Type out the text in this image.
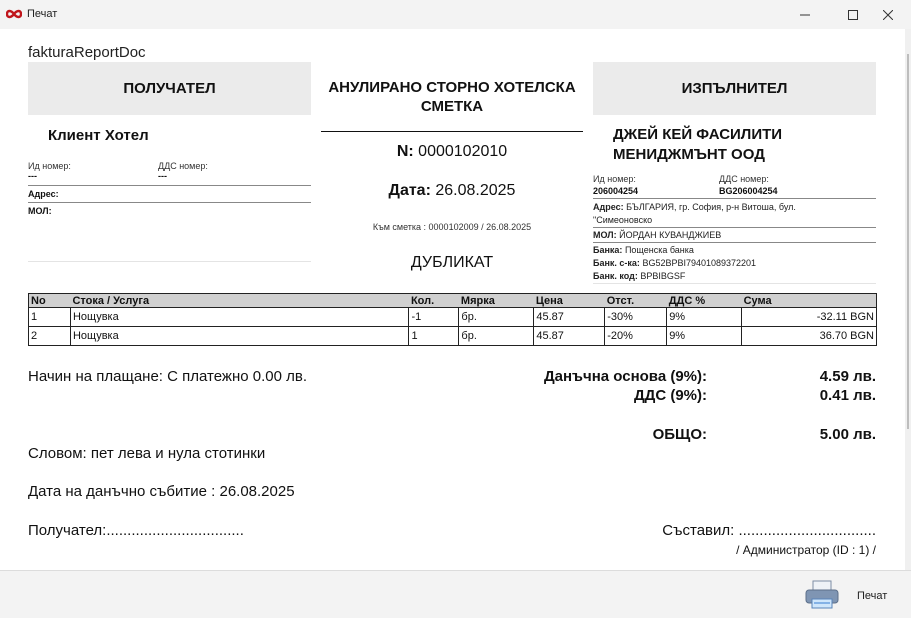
Печат
fakturaReportDoc
ПОЛУЧАТЕЛ	ИЗПЪЛНИТЕЛ
АНУЛИРАНО СТОРНО ХОТЕЛСКА СМЕТКА
N: 0000102010
Дата: 26.08.2025
Към сметка : 0000102009 / 26.08.2025
ДУБЛИКАТ
Клиент Хотел
Ид номер:
---
ДДС номер:
---
Адрес:
МОЛ:
ДЖЕЙ КЕЙ ФАСИЛИТИ МЕНИДЖМЪНТ ООД
Ид номер:
206004254
ДДС номер:
BG206004254
Адрес: БЪЛГАРИЯ, гр. София, р-н Витоша, бул.
"Симеоновско
МОЛ: ЙОРДАН КУВАНДЖИЕВ
Банка: Пощенска банка
Банк. с-ка: BG52BPBI79401089372201
Банк. код: BPBIBGSF
No	Стока / Услуга	Кол.	Мярка	Цена	Отст.	ДДС %	Сума
1	Нощувка	-1	бр.	45.87	-30%	9%	-32.11 BGN
2	Нощувка	1	бр.	45.87	-20%	9%	36.70 BGN
Начин на плащане: С платежно 0.00 лв.	Данъчна основа (9%):	4.59 лв.
ДДС (9%):	0.41 лв.
ОБЩО:	5.00 лв.
Словом: пет лева и нула стотинки
Дата на данъчно събитие : 26.08.2025
Получател:.................................	Съставил: .................................
/ Администратор (ID : 1) /
Печат
